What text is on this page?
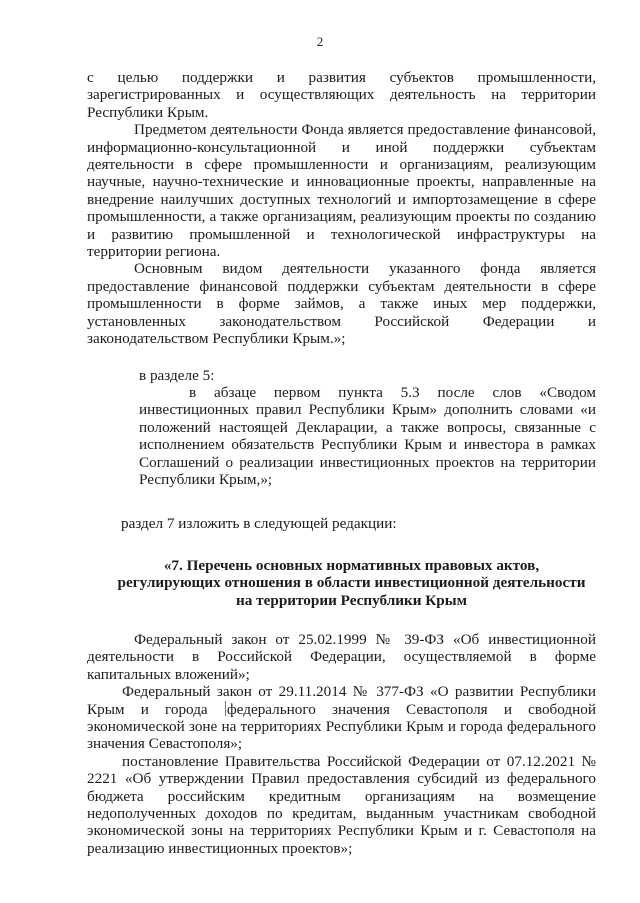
2

с целью поддержки и развития субъектов промышленности, зарегистрированных и осуществляющих деятельность на территории Республики Крым.

Предметом деятельности Фонда является предоставление финансовой, информационно-консультационной и иной поддержки субъектам деятельности в сфере промышленности и организациям, реализующим научные, научно-технические и инновационные проекты, направленные на внедрение наилучших доступных технологий и импортозамещение в сфере промышленности, а также организациям, реализующим проекты по созданию и развитию промышленной и технологической инфраструктуры на территории региона.

Основным видом деятельности указанного фонда является предоставление финансовой поддержки субъектам деятельности в сфере промышленности в форме займов, а также иных мер поддержки, установленных законодательством Российской Федерации и законодательством Республики Крым.»;

в разделе 5:

в абзаце первом пункта 5.3 после слов «Сводом инвестиционных правил Республики Крым» дополнить словами «и положений настоящей Декларации, а также вопросы, связанные с исполнением обязательств Республики Крым и инвестора в рамках Соглашений о реализации инвестиционных проектов на территории Республики Крым,»;

раздел 7 изложить в следующей редакции:

«7. Перечень основных нормативных правовых актов,
регулирующих отношения в области инвестиционной деятельности
на территории Республики Крым

Федеральный закон от 25.02.1999 № 39-ФЗ «Об инвестиционной деятельности в Российской Федерации, осуществляемой в форме капитальных вложений»;

Федеральный закон от 29.11.2014 № 377-ФЗ «О развитии Республики Крым и города федерального значения Севастополя и свободной экономической зоне на территориях Республики Крым и города федерального значения Севастополя»;

постановление Правительства Российской Федерации от 07.12.2021 № 2221 «Об утверждении Правил предоставления субсидий из федерального бюджета российским кредитным организациям на возмещение недополученных доходов по кредитам, выданным участникам свободной экономической зоны на территориях Республики Крым и г. Севастополя на реализацию инвестиционных проектов»;
